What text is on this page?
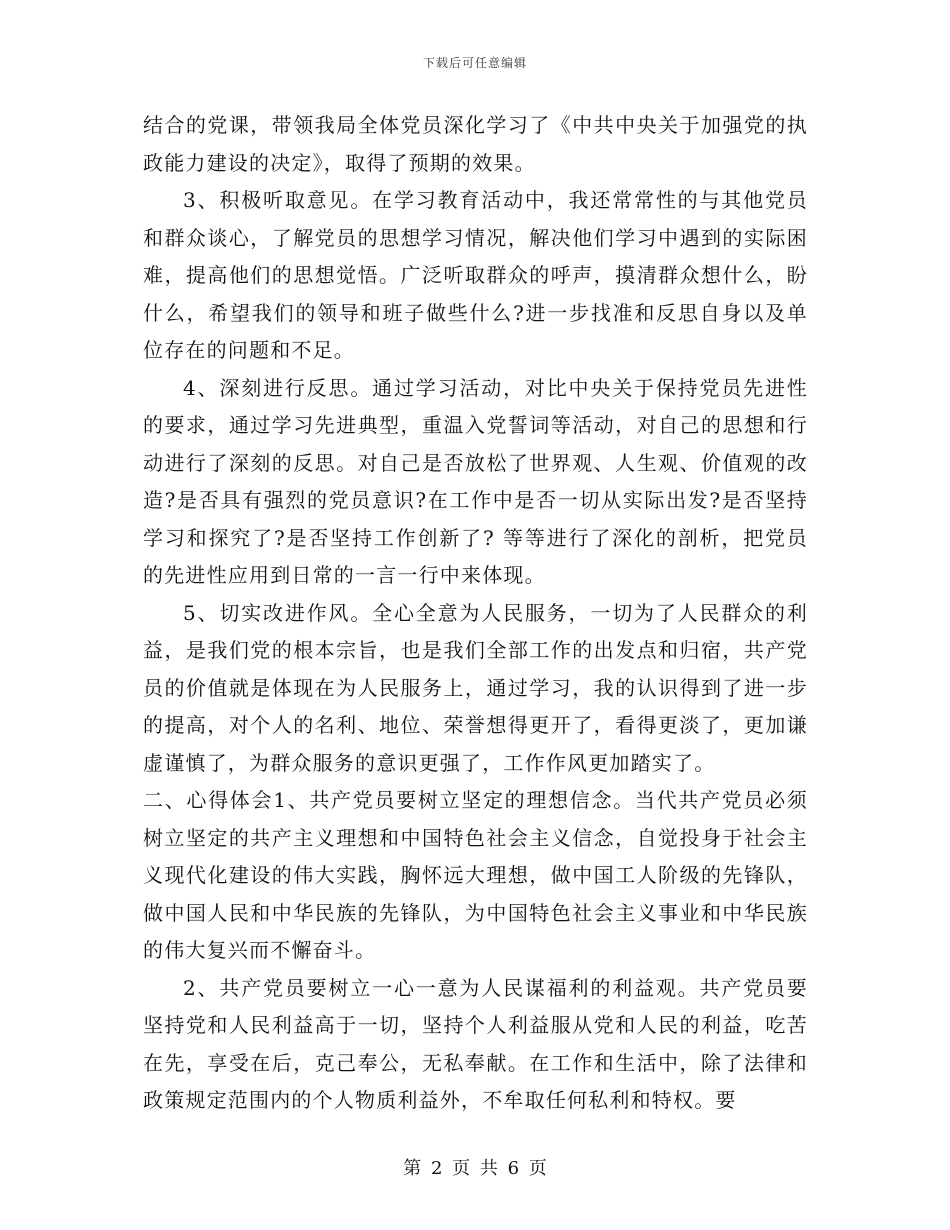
下载后可任意编辑

结合的党课，带领我局全体党员深化学习了《中共中央关于加强党的执政能力建设的决定》，取得了预期的效果。

3、积极听取意见。在学习教育活动中，我还常常性的与其他党员和群众谈心，了解党员的思想学习情况，解决他们学习中遇到的实际困难，提高他们的思想觉悟。广泛听取群众的呼声，摸清群众想什么，盼什么，希望我们的领导和班子做些什么?进一步找准和反思自身以及单位存在的问题和不足。

4、深刻进行反思。通过学习活动，对比中央关于保持党员先进性的要求，通过学习先进典型，重温入党誓词等活动，对自己的思想和行动进行了深刻的反思。对自己是否放松了世界观、人生观、价值观的改造?是否具有强烈的党员意识?在工作中是否一切从实际出发?是否坚持学习和探究了?是否坚持工作创新了? 等等进行了深化的剖析，把党员的先进性应用到日常的一言一行中来体现。

5、切实改进作风。全心全意为人民服务，一切为了人民群众的利益，是我们党的根本宗旨，也是我们全部工作的出发点和归宿，共产党员的价值就是体现在为人民服务上，通过学习，我的认识得到了进一步的提高，对个人的名利、地位、荣誉想得更开了，看得更淡了，更加谦虚谨慎了，为群众服务的意识更强了，工作作风更加踏实了。

二、心得体会1、共产党员要树立坚定的理想信念。当代共产党员必须树立坚定的共产主义理想和中国特色社会主义信念，自觉投身于社会主义现代化建设的伟大实践，胸怀远大理想，做中国工人阶级的先锋队，做中国人民和中华民族的先锋队，为中国特色社会主义事业和中华民族的伟大复兴而不懈奋斗。

2、共产党员要树立一心一意为人民谋福利的利益观。共产党员要坚持党和人民利益高于一切，坚持个人利益服从党和人民的利益，吃苦在先，享受在后，克己奉公，无私奉献。在工作和生活中，除了法律和政策规定范围内的个人物质利益外，不牟取任何私利和特权。要

第 2 页 共 6 页
